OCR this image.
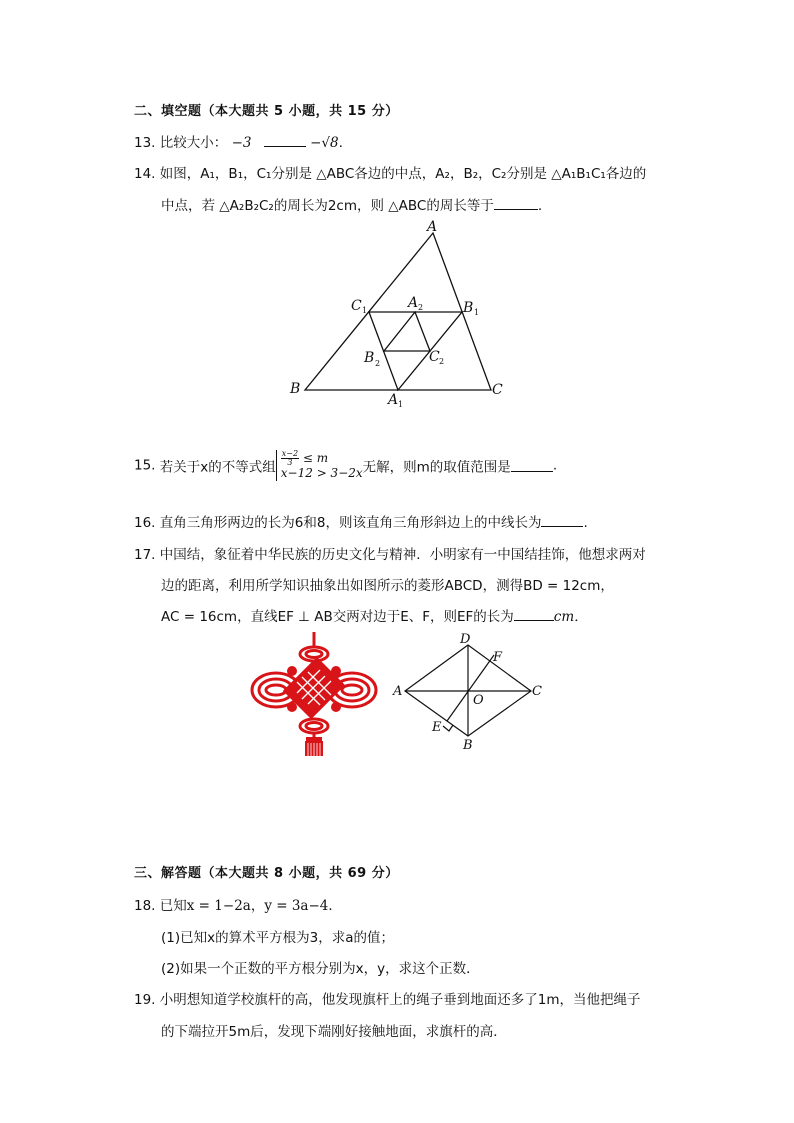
二、填空题（本大题共 5 小题，共 15 分）
13. 比较大小： −3	−√8.
14. 如图，A₁，B₁，C₁分别是 △ABC各边的中点，A₂，B₂，C₂分别是 △A₁B₁C₁各边的
中点，若 △A₂B₂C₂的周长为2cm，则 △ABC的周长等于	.
A
B	C
C 1	B 1
A 2
B 2	C 2
A 1
15. 若关于x的不等式组
$\frac{x-2}{3} \le m$
x−12 > 3−2x 无解，则m的取值范围是	.
16. 直角三角形两边的长为6和8，则该直角三角形斜边上的中线长为	.
17. 中国结，象征着中华民族的历史文化与精神．小明家有一中国结挂饰，他想求两对
边的距离，利用所学知识抽象出如图所示的菱形ABCD，测得BD = 12cm，
AC = 16cm，直线EF ⊥ AB交两对边于E、F，则EF的长为	cm．
A
B
C
D
E
F
O
三、解答题（本大题共 8 小题，共 69 分）
18. 已知x = 1−2a，y = 3a−4．
(1)已知x的算术平方根为3，求a的值；
(2)如果一个正数的平方根分别为x，y，求这个正数．
19. 小明想知道学校旗杆的高，他发现旗杆上的绳子垂到地面还多了1m，当他把绳子
的下端拉开5m后，发现下端刚好接触地面，求旗杆的高．
